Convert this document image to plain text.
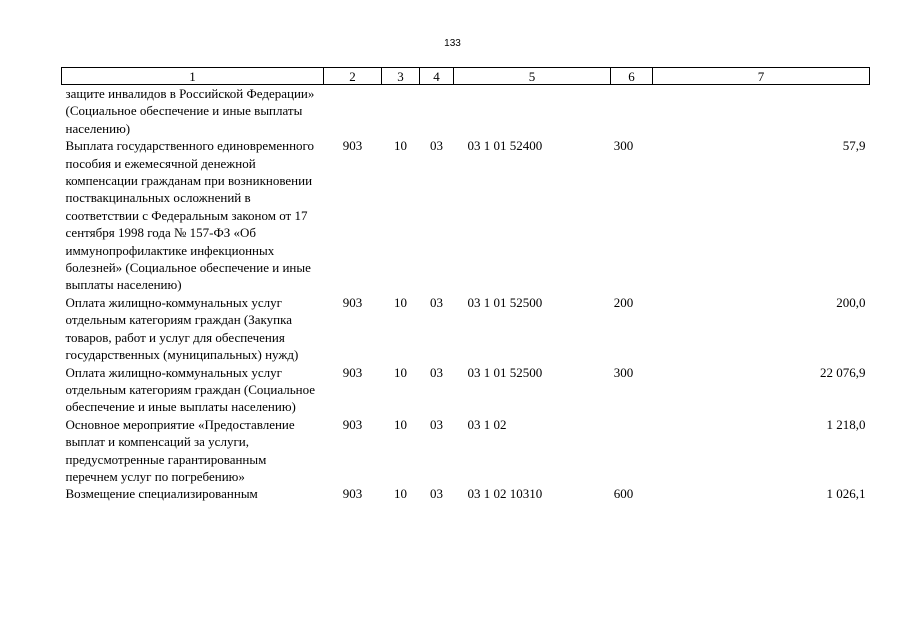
133
1	2	3	4	5	6	7
защите инвалидов в Российской Федерации» (Социальное обеспечение и иные выплаты населению)						
Выплата государственного единовременного пособия и ежемесячной денежной компенсации гражданам при возникновении поствакцинальных осложнений в соответствии с Федеральным законом от 17 сентября 1998 года № 157-ФЗ «Об иммунопрофилактике инфекционных болезней» (Социальное обеспечение и иные выплаты населению)	903	10	03	03 1 01 52400	300	57,9
Оплата жилищно-коммунальных услуг отдельным категориям граждан (Закупка товаров, работ и услуг для обеспечения государственных (муниципальных) нужд)	903	10	03	03 1 01 52500	200	200,0
Оплата жилищно-коммунальных услуг отдельным категориям граждан (Социальное обеспечение и иные выплаты населению)	903	10	03	03 1 01 52500	300	22 076,9
Основное мероприятие «Предоставление выплат и компенсаций за услуги, предусмотренные гарантированным перечнем услуг по погребению»	903	10	03	03 1 02		1 218,0
Возмещение специализированным	903	10	03	03 1 02 10310	600	1 026,1
